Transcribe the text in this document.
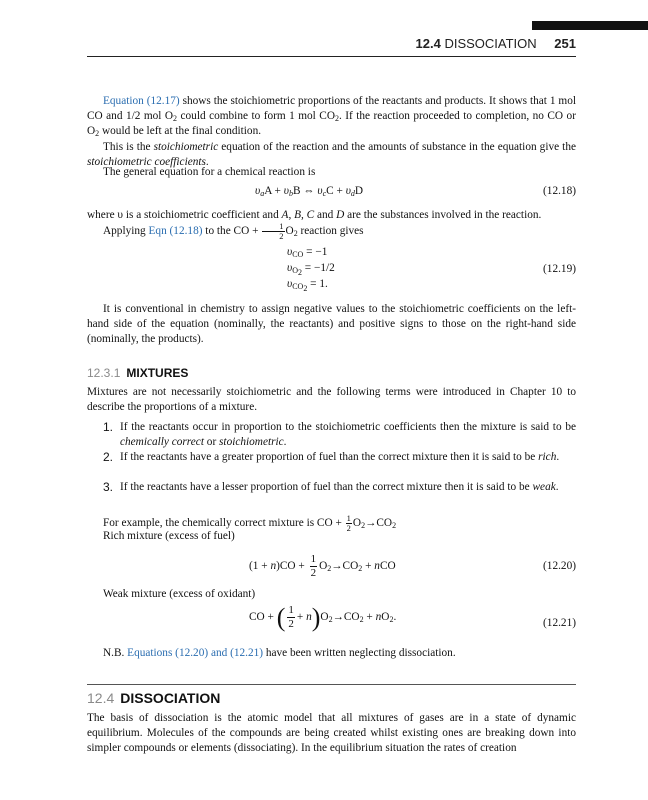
12.4 DISSOCIATION 251
Equation (12.17) shows the stoichiometric proportions of the reactants and products. It shows that 1 mol CO and 1/2 mol $O_2$ could combine to form 1 mol $CO_2$. If the reaction proceeded to completion, no CO or $O_2$ would be left at the final condition.
This is the stoichiometric equation of the reaction and the amounts of substance in the equation give the stoichiometric coefficients.
The general equation for a chemical reaction is
$\upsilon_aA + \upsilon_bB$ ⇔ $\upsilon_cC + \upsilon_dD$	(12.18)
where υ is a stoichiometric coefficient and A, B, C and D are the substances involved in the reaction.
Applying Eqn (12.18) to the CO + $\frac{1}{2} O_2$ reaction gives
$\upsilon_{CO} = -1$
$\upsilon_{O_2} = -1/2$
$\upsilon_{CO_2} = 1$.
(12.19)
It is conventional in chemistry to assign negative values to the stoichiometric coefficients on the left-hand side of the equation (nominally, the reactants) and positive signs to those on the right-hand side (nominally, the products).
12.3.1 MIXTURES
Mixtures are not necessarily stoichiometric and the following terms were introduced in Chapter 10 to describe the proportions of a mixture.
1. If the reactants occur in proportion to the stoichiometric coefficients then the mixture is said to be chemically correct or stoichiometric.
2. If the reactants have a greater proportion of fuel than the correct mixture then it is said to be rich.
3. If the reactants have a lesser proportion of fuel than the correct mixture then it is said to be weak.
For example, the chemically correct mixture is CO + $\frac{1}{2} O_2\to CO_2$
Rich mixture (excess of fuel)
$(1 + n)CO + \frac{1}{2} O_2\to CO_2$ + nCO	(12.20)
Weak mixture (excess of oxidant)
CO + ( $\frac{1}{2} + n)O_2\to CO_2 + nO_2$.	(12.21)
N.B. Equations (12.20) and (12.21) have been written neglecting dissociation.
12.4 DISSOCIATION
The basis of dissociation is the atomic model that all mixtures of gases are in a state of dynamic equilibrium. Molecules of the compounds are being created whilst existing ones are breaking down into simpler compounds or elements (dissociating). In the equilibrium situation the rates of creation
